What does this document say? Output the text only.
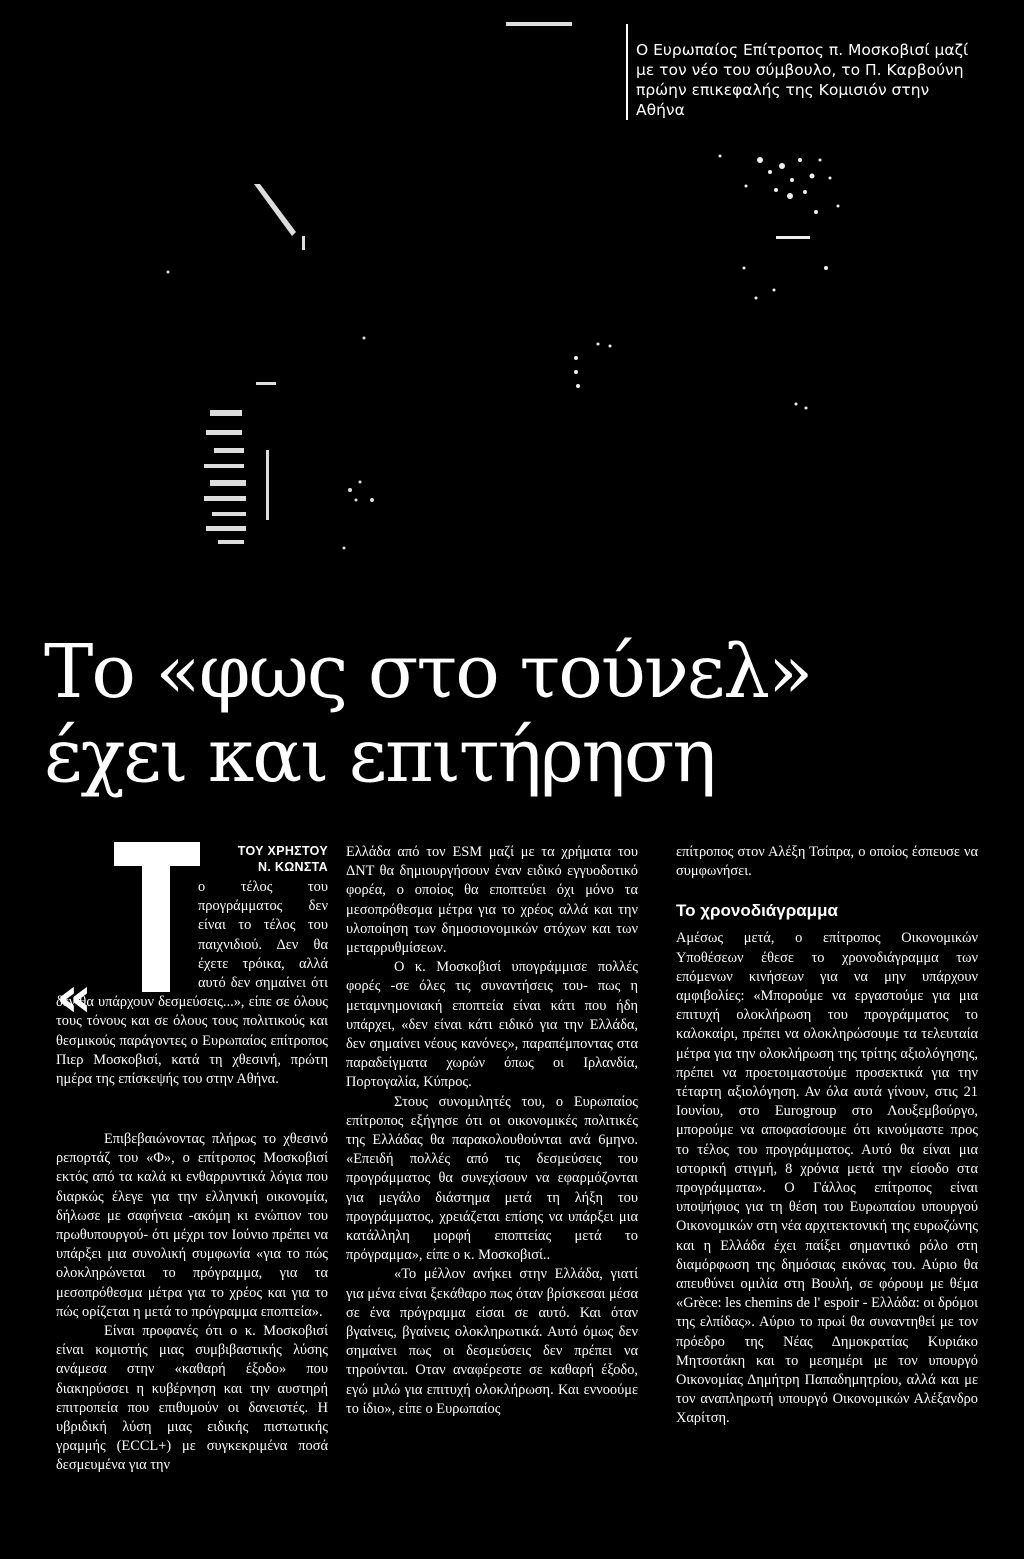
Ο Ευρωπαίος Επίτροπος π. Μοσκοβισί μαζί με τον νέο του σύμβουλο, το Π. Καρβούνη πρώην επικεφαλής της Κομισιόν στην Αθήνα
Το «φως στο τούνελ»
έχει και επιτήρηση
«
ΤΟΥ ΧΡΗΣΤΟΥ
Ν. ΚΩΝΣΤΑ

ο τέλος του προγράμματος δεν είναι το τέλος του παιχνιδιού. Δεν θα έχετε τρόικα, αλλά αυτό δεν σημαίνει ότι δεν θα υπάρχουν δεσμεύσεις...», είπε σε όλους τους τόνους και σε όλους τους πολιτικούς και θεσμικούς παράγοντες ο Ευρωπαίος επίτροπος Πιερ Μοσκοβισί, κατά τη χθεσινή, πρώτη ημέρα της επίσκεψής του στην Αθήνα.

Επιβεβαιώνοντας πλήρως το χθεσινό ρεπορτάζ του «Φ», ο επίτροπος Μοσκοβισί εκτός από τα καλά κι ενθαρρυντικά λόγια που διαρκώς έλεγε για την ελληνική οικονομία, δήλωσε με σαφήνεια -ακόμη κι ενώπιον του πρωθυπουργού- ότι μέχρι τον Ιούνιο πρέπει να υπάρξει μια συνολική συμφωνία «για το πώς ολοκληρώνεται το πρόγραμμα, για τα μεσοπρόθεσμα μέτρα για το χρέος και για το πώς ορίζεται η μετά το πρόγραμμα εποπτεία».

Είναι προφανές ότι ο κ. Μοσκοβισί είναι κομιστής μιας συμβιβαστικής λύσης ανάμεσα στην «καθαρή έξοδο» που διακηρύσσει η κυβέρνηση και την αυστηρή επιτροπεία που επιθυμούν οι δανειστές. Η υβριδική λύση μιας ειδικής πιστωτικής γραμμής (ECCL+) με συγκεκριμένα ποσά δεσμευμένα για την

Ελλάδα από τον ESM μαζί με τα χρήματα του ΔΝΤ θα δημιουργήσουν έναν ειδικό εγγυοδοτικό φορέα, ο οποίος θα εποπτεύει όχι μόνο τα μεσοπρόθεσμα μέτρα για το χρέος αλλά και την υλοποίηση των δημοσιονομικών στόχων και των μεταρρυθμίσεων.

Ο κ. Μοσκοβισί υπογράμμισε πολλές φορές -σε όλες τις συναντήσεις του- πως η μεταμνημονιακή εποπτεία είναι κάτι που ήδη υπάρχει, «δεν είναι κάτι ειδικό για την Ελλάδα, δεν σημαίνει νέους κανόνες», παραπέμποντας στα παραδείγματα χωρών όπως οι Ιρλανδία, Πορτογαλία, Κύπρος.

Στους συνομιλητές του, ο Ευρωπαίος επίτροπος εξήγησε ότι οι οικονομικές πολιτικές της Ελλάδας θα παρακολουθούνται ανά 6μηνο. «Επειδή πολλές από τις δεσμεύσεις του προγράμματος θα συνεχίσουν να εφαρμόζονται για μεγάλο διάστημα μετά τη λήξη του προγράμματος, χρειάζεται επίσης να υπάρξει μια κατάλληλη μορφή εποπτείας μετά το πρόγραμμα», είπε ο κ. Μοσκοβισί..

«Το μέλλον ανήκει στην Ελλάδα, γιατί για μένα είναι ξεκάθαρο πως όταν βρίσκεσαι μέσα σε ένα πρόγραμμα είσαι σε αυτό. Και όταν βγαίνεις, βγαίνεις ολοκληρωτικά. Αυτό όμως δεν σημαίνει πως οι δεσμεύσεις δεν πρέπει να τηρούνται. Οταν αναφέρεστε σε καθαρή έξοδο, εγώ μιλώ για επιτυχή ολοκλήρωση. Και εννοούμε το ίδιο», είπε ο Ευρωπαίος

επίτροπος στον Αλέξη Τσίπρα, ο οποίος έσπευσε να συμφωνήσει.

Το χρονοδιάγραμμα

Αμέσως μετά, ο επίτροπος Οικονομικών Υποθέσεων έθεσε το χρονοδιάγραμμα των επόμενων κινήσεων για να μην υπάρχουν αμφιβολίες: «Μπορούμε να εργαστούμε για μια επιτυχή ολοκλήρωση του προγράμματος το καλοκαίρι, πρέπει να ολοκληρώσουμε τα τελευταία μέτρα για την ολοκλήρωση της τρίτης αξιολόγησης, πρέπει να προετοιμαστούμε προσεκτικά για την τέταρτη αξιολόγηση. Αν όλα αυτά γίνουν, στις 21 Ιουνίου, στο Eurogroup στο Λουξεμβούργο, μπορούμε να αποφασίσουμε ότι κινούμαστε προς το τέλος του προγράμματος. Αυτό θα είναι μια ιστορική στιγμή, 8 χρόνια μετά την είσοδο στα προγράμματα». Ο Γάλλος επίτροπος είναι υποψήφιος για τη θέση του Ευρωπαίου υπουργού Οικονομικών στη νέα αρχιτεκτονική της ευρωζώνης και η Ελλάδα έχει παίξει σημαντικό ρόλο στη διαμόρφωση της δημόσιας εικόνας του. Αύριο θα απευθύνει ομιλία στη Βουλή, σε φόρουμ με θέμα «Grèce: les chemins de l' espoir - Ελλάδα: οι δρόμοι της ελπίδας». Αύριο το πρωί θα συναντηθεί με τον πρόεδρο της Νέας Δημοκρατίας Κυριάκο Μητσοτάκη και το μεσημέρι με τον υπουργό Οικονομίας Δημήτρη Παπαδημητρίου, αλλά και με τον αναπληρωτή υπουργό Οικονομικών Αλέξανδρο Χαρίτση.
